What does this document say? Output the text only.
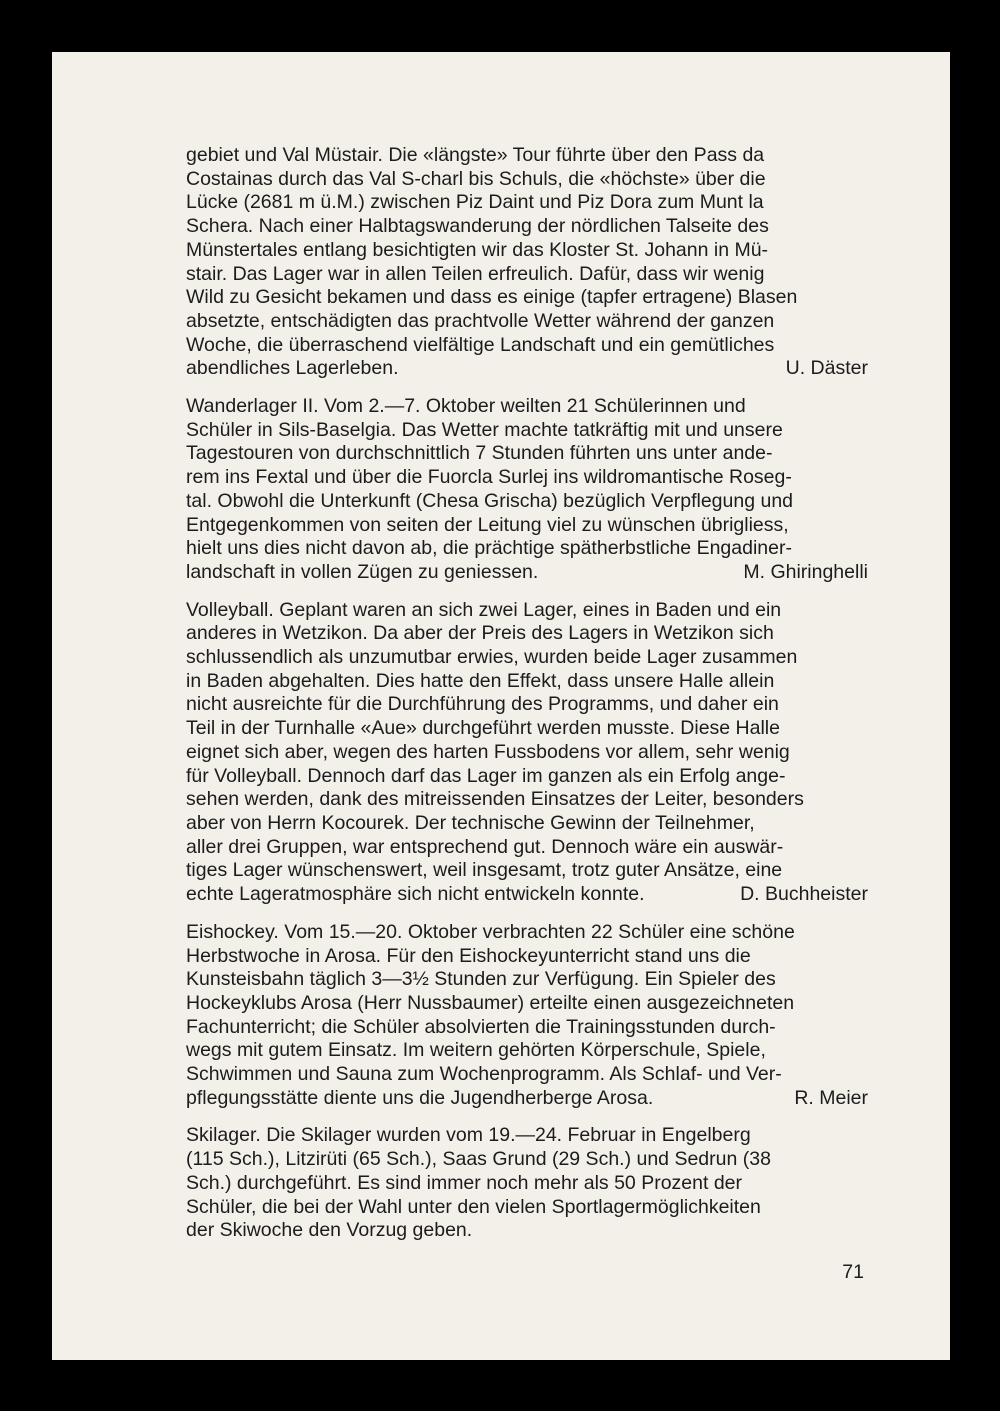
gebiet und Val Müstair. Die «längste» Tour führte über den Pass da
Costainas durch das Val S-charl bis Schuls, die «höchste» über die
Lücke (2681 m ü.M.) zwischen Piz Daint und Piz Dora zum Munt la
Schera. Nach einer Halbtagswanderung der nördlichen Talseite des
Münstertales entlang besichtigten wir das Kloster St. Johann in Mü-
stair. Das Lager war in allen Teilen erfreulich. Dafür, dass wir wenig
Wild zu Gesicht bekamen und dass es einige (tapfer ertragene) Blasen
absetzte, entschädigten das prachtvolle Wetter während der ganzen
Woche, die überraschend vielfältige Landschaft und ein gemütliches
abendliches Lagerleben.	U. Däster
Wanderlager II. Vom 2.—7. Oktober weilten 21 Schülerinnen und
Schüler in Sils-Baselgia. Das Wetter machte tatkräftig mit und unsere
Tagestouren von durchschnittlich 7 Stunden führten uns unter ande-
rem ins Fextal und über die Fuorcla Surlej ins wildromantische Roseg-
tal. Obwohl die Unterkunft (Chesa Grischa) bezüglich Verpflegung und
Entgegenkommen von seiten der Leitung viel zu wünschen übrigliess,
hielt uns dies nicht davon ab, die prächtige spätherbstliche Engadiner-
landschaft in vollen Zügen zu geniessen.	M. Ghiringhelli
Volleyball. Geplant waren an sich zwei Lager, eines in Baden und ein
anderes in Wetzikon. Da aber der Preis des Lagers in Wetzikon sich
schlussendlich als unzumutbar erwies, wurden beide Lager zusammen
in Baden abgehalten. Dies hatte den Effekt, dass unsere Halle allein
nicht ausreichte für die Durchführung des Programms, und daher ein
Teil in der Turnhalle «Aue» durchgeführt werden musste. Diese Halle
eignet sich aber, wegen des harten Fussbodens vor allem, sehr wenig
für Volleyball. Dennoch darf das Lager im ganzen als ein Erfolg ange-
sehen werden, dank des mitreissenden Einsatzes der Leiter, besonders
aber von Herrn Kocourek. Der technische Gewinn der Teilnehmer,
aller drei Gruppen, war entsprechend gut. Dennoch wäre ein auswär-
tiges Lager wünschenswert, weil insgesamt, trotz guter Ansätze, eine
echte Lageratmosphäre sich nicht entwickeln konnte.	D. Buchheister
Eishockey. Vom 15.—20. Oktober verbrachten 22 Schüler eine schöne
Herbstwoche in Arosa. Für den Eishockeyunterricht stand uns die
Kunsteisbahn täglich 3—3½ Stunden zur Verfügung. Ein Spieler des
Hockeyklubs Arosa (Herr Nussbaumer) erteilte einen ausgezeichneten
Fachunterricht; die Schüler absolvierten die Trainingsstunden durch-
wegs mit gutem Einsatz. Im weitern gehörten Körperschule, Spiele,
Schwimmen und Sauna zum Wochenprogramm. Als Schlaf- und Ver-
pflegungsstätte diente uns die Jugendherberge Arosa.	R. Meier
Skilager. Die Skilager wurden vom 19.—24. Februar in Engelberg
(115 Sch.), Litzirüti (65 Sch.), Saas Grund (29 Sch.) und Sedrun (38
Sch.) durchgeführt. Es sind immer noch mehr als 50 Prozent der
Schüler, die bei der Wahl unter den vielen Sportlagermöglichkeiten
der Skiwoche den Vorzug geben.
71
